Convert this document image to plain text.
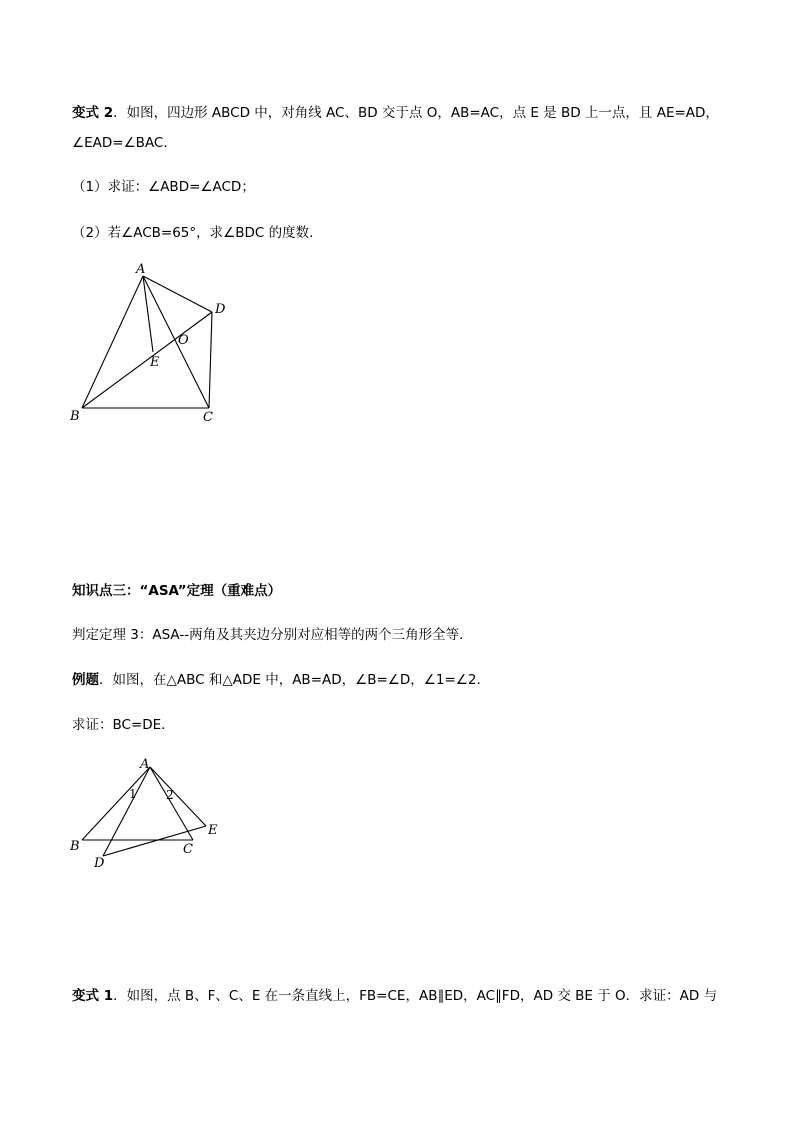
变式 2．如图，四边形 ABCD 中，对角线 AC、BD 交于点 O，AB=AC，点 E 是 BD 上一点，且 AE=AD，

∠EAD=∠BAC．

（1）求证：∠ABD=∠ACD；

（2）若∠ACB=65°，求∠BDC 的度数．

A
B	C
D
E
O

知识点三：“ASA”定理（重难点）

判定定理 3：ASA--两角及其夹边分别对应相等的两个三角形全等．

例题．如图，在△ABC 和△ADE 中，AB=AD，∠B=∠D，∠1=∠2．

求证：BC=DE．

A
B	C
D
E
1 2

变式 1．如图，点 B、F、C、E 在一条直线上，FB=CE，AB∥ED，AC∥FD，AD 交 BE 于 O．求证：AD 与
